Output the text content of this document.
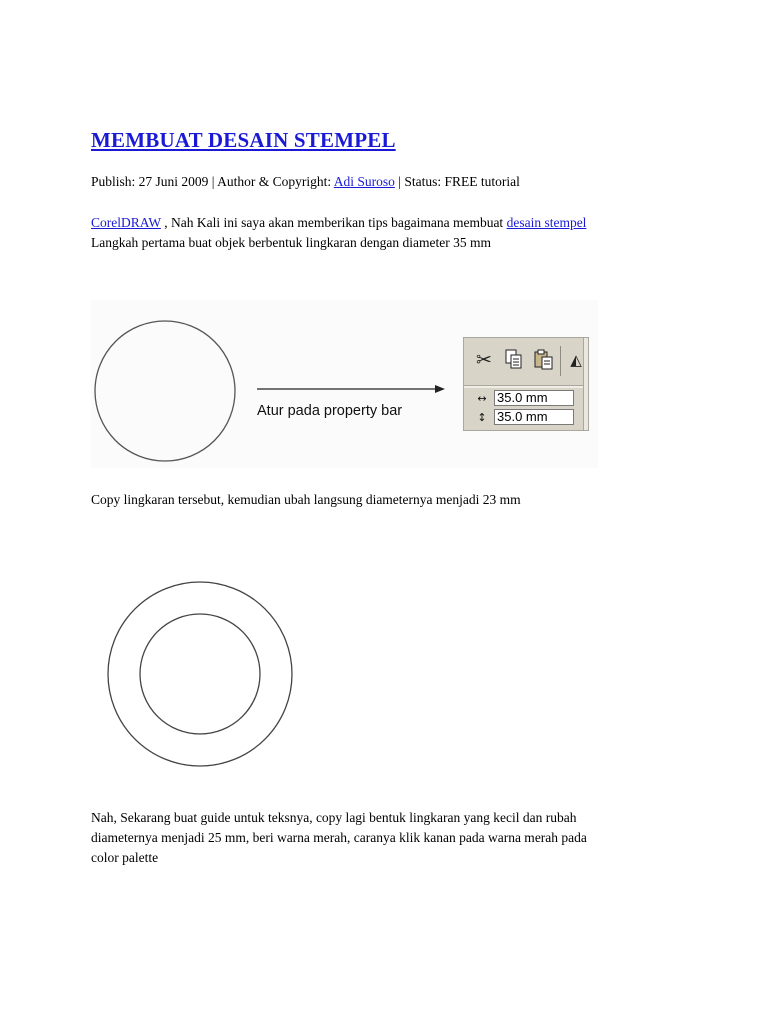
MEMBUAT DESAIN STEMPEL
Publish: 27 Juni 2009 | Author & Copyright: Adi Suroso | Status: FREE tutorial
CorelDRAW , Nah Kali ini saya akan memberikan tips bagaimana membuat desain stempel
Langkah pertama buat objek berbentuk lingkaran dengan diameter 35 mm
Atur pada property bar
✂	◭
↔ 35.0 mm
↕ 35.0 mm
Copy lingkaran tersebut, kemudian ubah langsung diameternya menjadi 23 mm
Nah, Sekarang buat guide untuk teksnya, copy lagi bentuk lingkaran yang kecil dan rubah
diameternya menjadi 25 mm, beri warna merah, caranya klik kanan pada warna merah pada
color palette
